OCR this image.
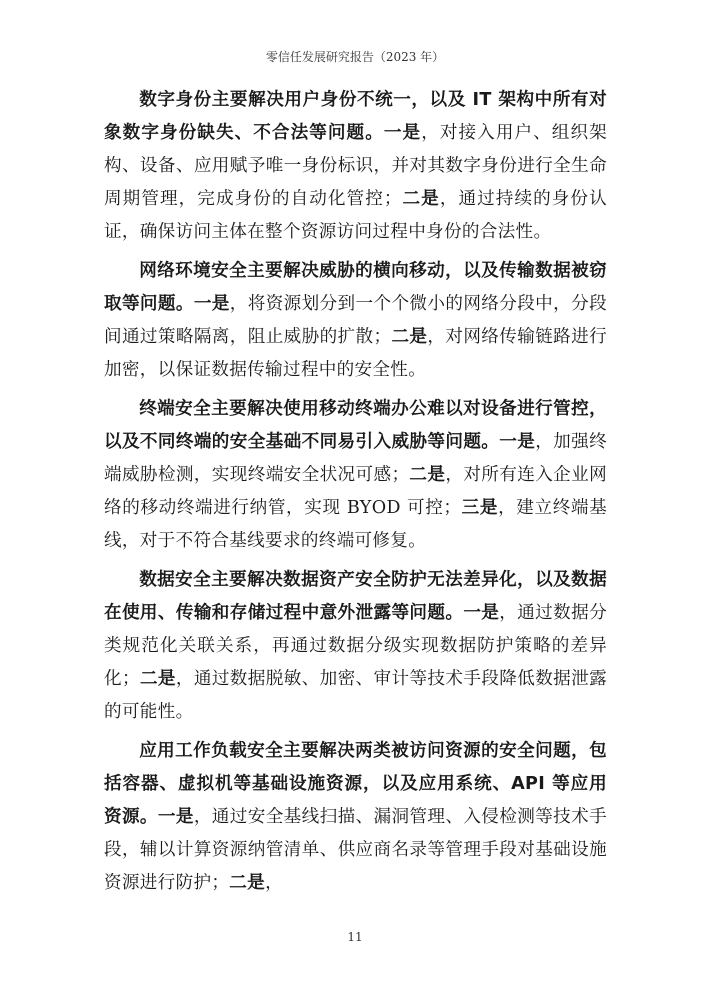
零信任发展研究报告（2023 年）

数字身份主要解决用户身份不统一，以及 IT 架构中所有对象数字身份缺失、不合法等问题。一是，对接入用户、组织架构、设备、应用赋予唯一身份标识，并对其数字身份进行全生命周期管理，完成身份的自动化管控；二是，通过持续的身份认证，确保访问主体在整个资源访问过程中身份的合法性。

网络环境安全主要解决威胁的横向移动，以及传输数据被窃取等问题。一是，将资源划分到一个个微小的网络分段中，分段间通过策略隔离，阻止威胁的扩散；二是，对网络传输链路进行加密，以保证数据传输过程中的安全性。

终端安全主要解决使用移动终端办公难以对设备进行管控，以及不同终端的安全基础不同易引入威胁等问题。一是，加强终端威胁检测，实现终端安全状况可感；二是，对所有连入企业网络的移动终端进行纳管，实现 BYOD 可控；三是，建立终端基线，对于不符合基线要求的终端可修复。

数据安全主要解决数据资产安全防护无法差异化，以及数据在使用、传输和存储过程中意外泄露等问题。一是，通过数据分类规范化关联关系，再通过数据分级实现数据防护策略的差异化；二是，通过数据脱敏、加密、审计等技术手段降低数据泄露的可能性。

应用工作负载安全主要解决两类被访问资源的安全问题，包括容器、虚拟机等基础设施资源，以及应用系统、API 等应用资源。一是，通过安全基线扫描、漏洞管理、入侵检测等技术手段，辅以计算资源纳管清单、供应商名录等管理手段对基础设施资源进行防护；二是，

11
